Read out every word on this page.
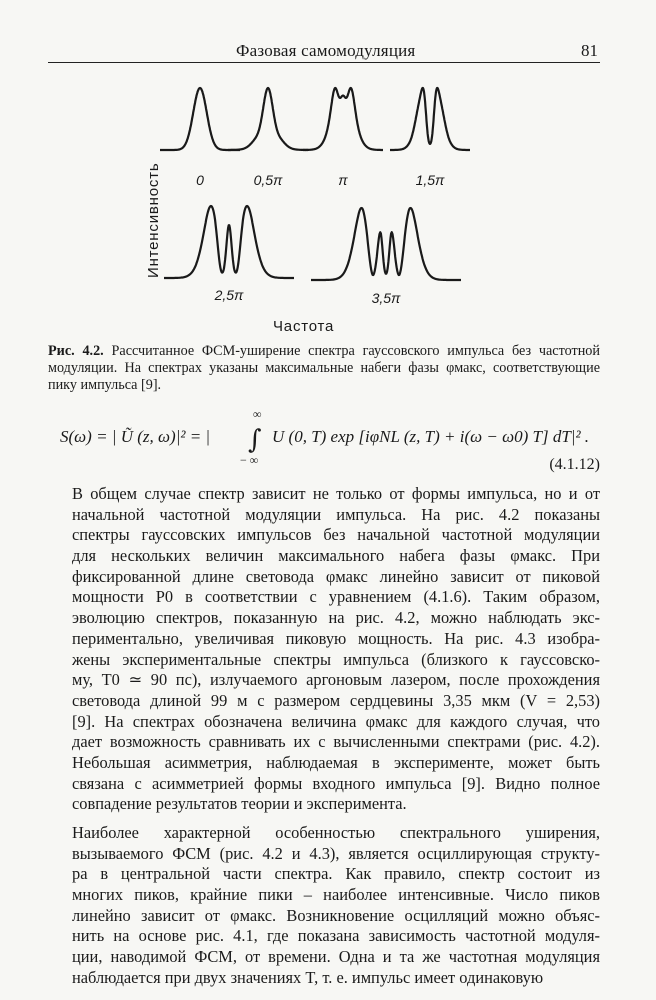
Фазовая самомодуляция	81
0	0,5π	π	1,5π
2,5π	3,5π
Интенсивность
Частота
Рис. 4.2. Рассчитанное ФСМ-уширение спектра гауссовского импульса без частотной модуляции. На спектрах указаны максимальные набеги фазы φмакс, соответствующие пику импульса [9].
S(ω) = | Ũ (z, ω)|² = | ∫
∞
− ∞
U (0, T) exp [iφNL (z, T) + i(ω − ω0) T] dT|² .
(4.1.12)

В общем случае спектр зависит не только от формы импульса, но и от
начальной частотной модуляции импульса. На рис. 4.2 показаны
спектры гауссовских импульсов без начальной частотной модуляции
для нескольких величин максимального набега фазы φмакс. При
фиксированной длине световода φмакс линейно зависит от пиковой
мощности P0 в соответствии с уравнением (4.1.6). Таким образом,
эволюцию спектров, показанную на рис. 4.2, можно наблюдать экс-
периментально, увеличивая пиковую мощность. На рис. 4.3 изобра-
жены экспериментальные спектры импульса (близкого к гауссовско-
му, T0 ≃ 90 пс), излучаемого аргоновым лазером, после прохождения
световода длиной 99 м с размером сердцевины 3,35 мкм (V = 2,53)
[9]. На спектрах обозначена величина φмакс для каждого случая, что
дает возможность сравнивать их с вычисленными спектрами (рис. 4.2).
Небольшая асимметрия, наблюдаемая в эксперименте, может быть
связана с асимметрией формы входного импульса [9]. Видно полное
совпадение результатов теории и эксперимента.

Наиболее характерной особенностью спектрального уширения,
вызываемого ФСМ (рис. 4.2 и 4.3), является осциллирующая структу-
ра в центральной части спектра. Как правило, спектр состоит из
многих пиков, крайние пики – наиболее интенсивные. Число пиков
линейно зависит от φмакс. Возникновение осцилляций можно объяс-
нить на основе рис. 4.1, где показана зависимость частотной модуля-
ции, наводимой ФСМ, от времени. Одна и та же частотная модуляция
наблюдается при двух значениях T, т. е. импульс имеет одинаковую
